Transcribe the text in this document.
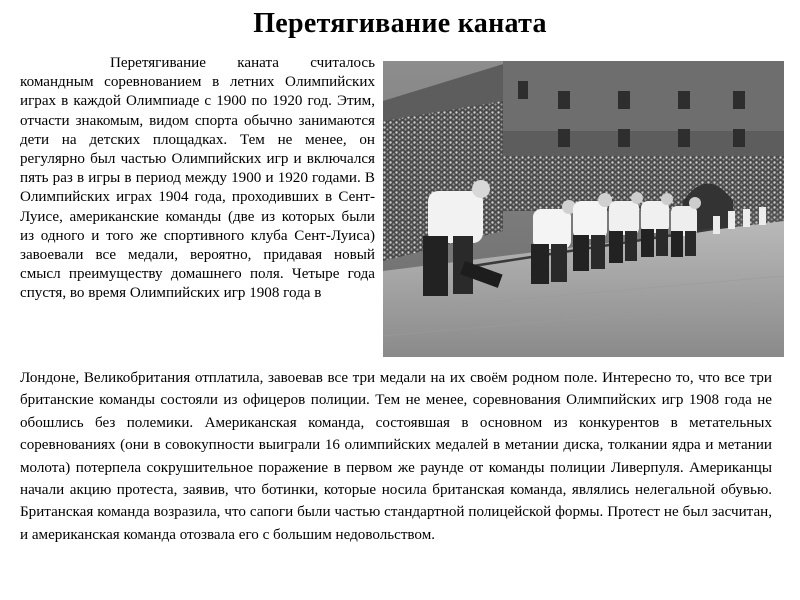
Перетягивание каната

Перетягивание каната считалось командным соревнованием в летних Олимпийских играх в каждой Олимпиаде с 1900 по 1920 год. Этим, отчасти знакомым, видом спорта обычно занимаются дети на детских площадках. Тем не менее, он регулярно был частью Олимпийских игр и включался пять раз в игры в период между 1900 и 1920 годами. В Олимпийских играх 1904 года, проходивших в Сент-Луисе, американские команды (две из которых были из одного и того же спортивного клуба Сент-Луиса) завоевали все медали, вероятно, придавая новый смысл преимуществу домашнего поля. Четыре года спустя, во время Олимпийских игр 1908 года в

Лондоне, Великобритания отплатила, завоевав все три медали на их своём родном поле. Интересно то, что все три британские команды состояли из офицеров полиции. Тем не менее, соревнования Олимпийских игр 1908 года не обошлись без полемики. Американская команда, состоявшая в основном из конкурентов в метательных соревнованиях (они в совокупности выиграли 16 олимпийских медалей в метании диска, толкании ядра и метании молота) потерпела сокрушительное поражение в первом же раунде от команды полиции Ливерпуля. Американцы начали акцию протеста, заявив, что ботинки, которые носила британская команда, являлись нелегальной обувью. Британская команда возразила, что сапоги были частью стандартной полицейской формы. Протест не был засчитан, и американская команда отозвала его с большим недовольством.
